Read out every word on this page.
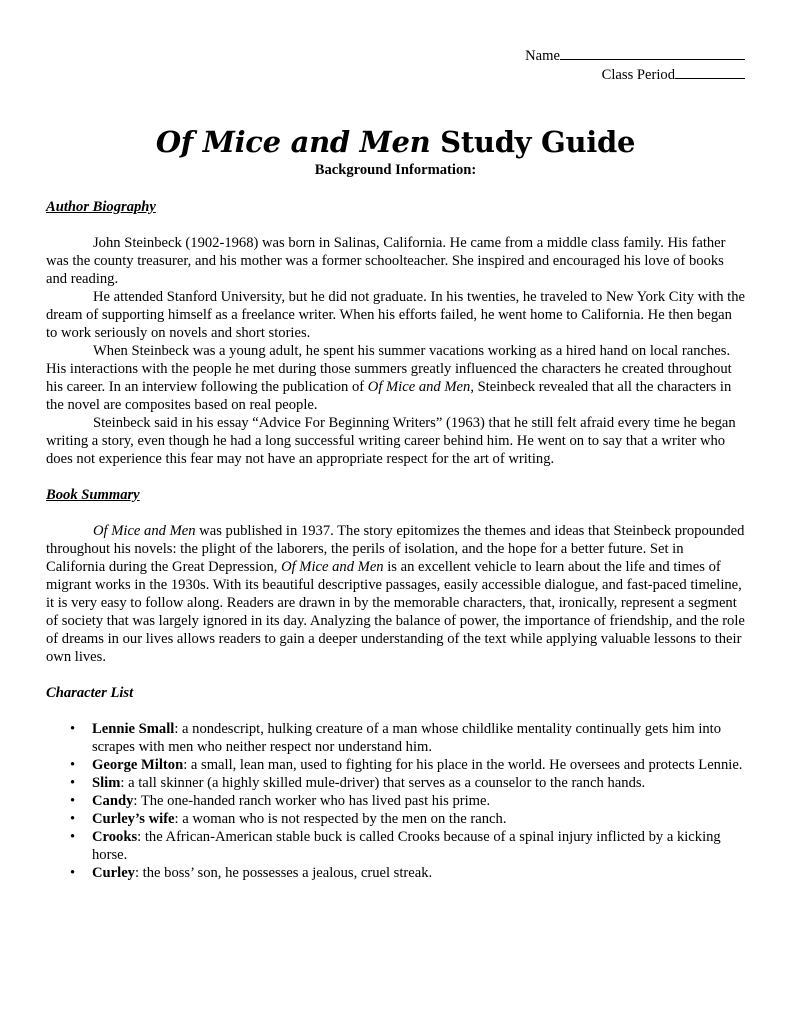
Name
Class Period
Of Mice and Men Study Guide
Background Information:

Author Biography

John Steinbeck (1902-1968) was born in Salinas, California. He came from a middle class family. His father was the county treasurer, and his mother was a former schoolteacher. She inspired and encouraged his love of books and reading.

He attended Stanford University, but he did not graduate. In his twenties, he traveled to New York City with the dream of supporting himself as a freelance writer. When his efforts failed, he went home to California. He then began to work seriously on novels and short stories.

When Steinbeck was a young adult, he spent his summer vacations working as a hired hand on local ranches. His interactions with the people he met during those summers greatly influenced the characters he created throughout his career. In an interview following the publication of Of Mice and Men, Steinbeck revealed that all the characters in the novel are composites based on real people.

Steinbeck said in his essay “Advice For Beginning Writers” (1963) that he still felt afraid every time he began writing a story, even though he had a long successful writing career behind him. He went on to say that a writer who does not experience this fear may not have an appropriate respect for the art of writing.

Book Summary

Of Mice and Men was published in 1937. The story epitomizes the themes and ideas that Steinbeck propounded throughout his novels: the plight of the laborers, the perils of isolation, and the hope for a better future. Set in California during the Great Depression, Of Mice and Men is an excellent vehicle to learn about the life and times of migrant works in the 1930s. With its beautiful descriptive passages, easily accessible dialogue, and fast-paced timeline, it is very easy to follow along. Readers are drawn in by the memorable characters, that, ironically, represent a segment of society that was largely ignored in its day. Analyzing the balance of power, the importance of friendship, and the role of dreams in our lives allows readers to gain a deeper understanding of the text while applying valuable lessons to their own lives.

Character List

• Lennie Small: a nondescript, hulking creature of a man whose childlike mentality continually gets him into scrapes with men who neither respect nor understand him.
• George Milton: a small, lean man, used to fighting for his place in the world. He oversees and protects Lennie.
• Slim: a tall skinner (a highly skilled mule-driver) that serves as a counselor to the ranch hands.
• Candy: The one-handed ranch worker who has lived past his prime.
• Curley’s wife: a woman who is not respected by the men on the ranch.
• Crooks: the African-American stable buck is called Crooks because of a spinal injury inflicted by a kicking horse.
• Curley: the boss’ son, he possesses a jealous, cruel streak.
